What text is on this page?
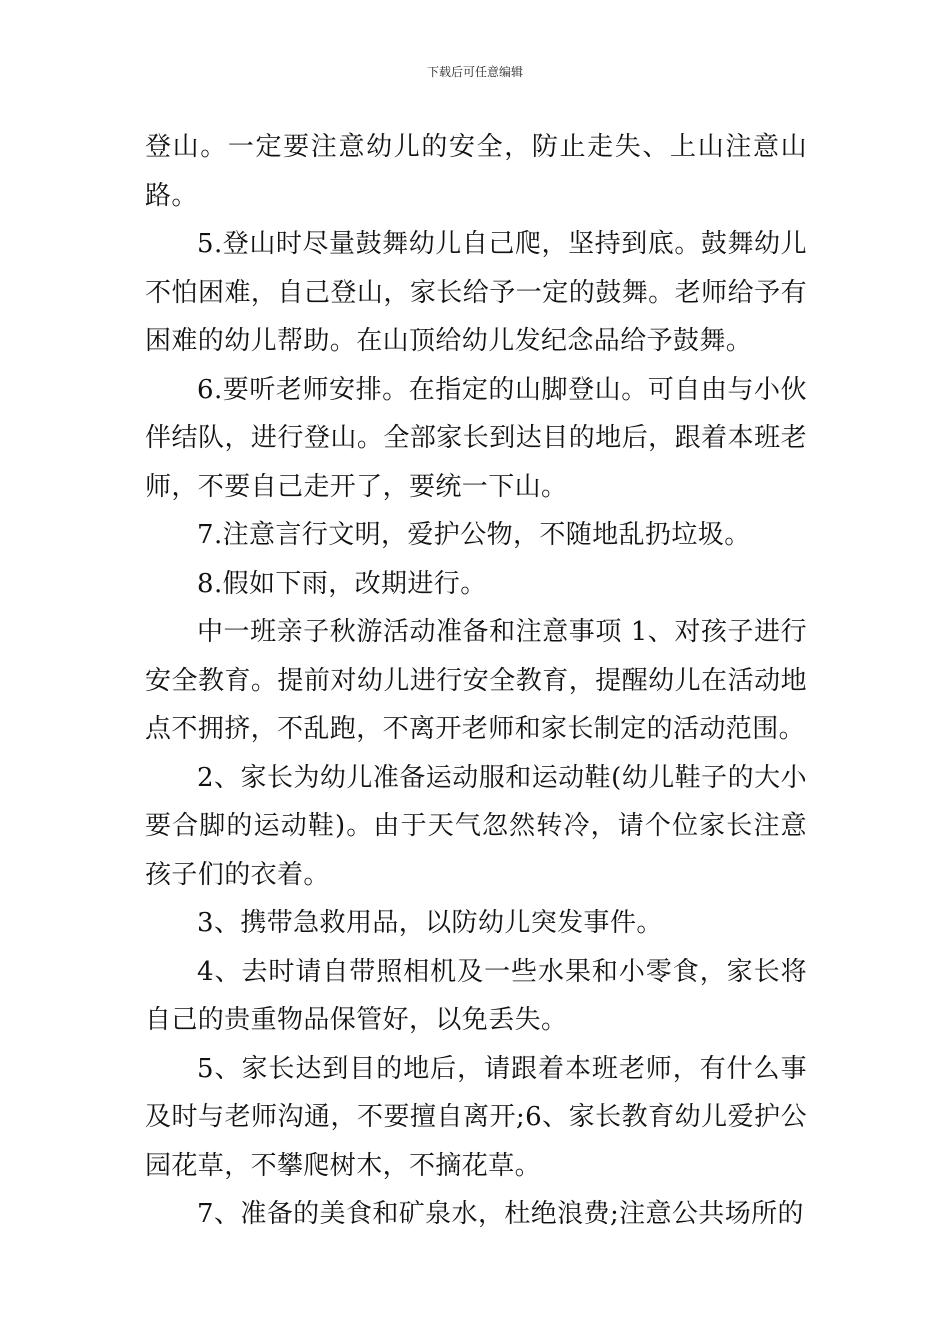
下载后可任意编辑

登山。一定要注意幼儿的安全，防止走失、上山注意山路。

5.登山时尽量鼓舞幼儿自己爬，坚持到底。鼓舞幼儿不怕困难，自己登山，家长给予一定的鼓舞。老师给予有困难的幼儿帮助。在山顶给幼儿发纪念品给予鼓舞。

6.要听老师安排。在指定的山脚登山。可自由与小伙伴结队，进行登山。全部家长到达目的地后，跟着本班老师，不要自己走开了，要统一下山。

7.注意言行文明，爱护公物，不随地乱扔垃圾。

8.假如下雨，改期进行。

中一班亲子秋游活动准备和注意事项 1、对孩子进行安全教育。提前对幼儿进行安全教育，提醒幼儿在活动地点不拥挤，不乱跑，不离开老师和家长制定的活动范围。

2、家长为幼儿准备运动服和运动鞋(幼儿鞋子的大小要合脚的运动鞋)。由于天气忽然转冷，请个位家长注意孩子们的衣着。

3、携带急救用品，以防幼儿突发事件。

4、去时请自带照相机及一些水果和小零食，家长将自己的贵重物品保管好，以免丢失。

5、家长达到目的地后，请跟着本班老师，有什么事及时与老师沟通，不要擅自离开;6、家长教育幼儿爱护公园花草，不攀爬树木，不摘花草。

7、准备的美食和矿泉水，杜绝浪费;注意公共场所的
